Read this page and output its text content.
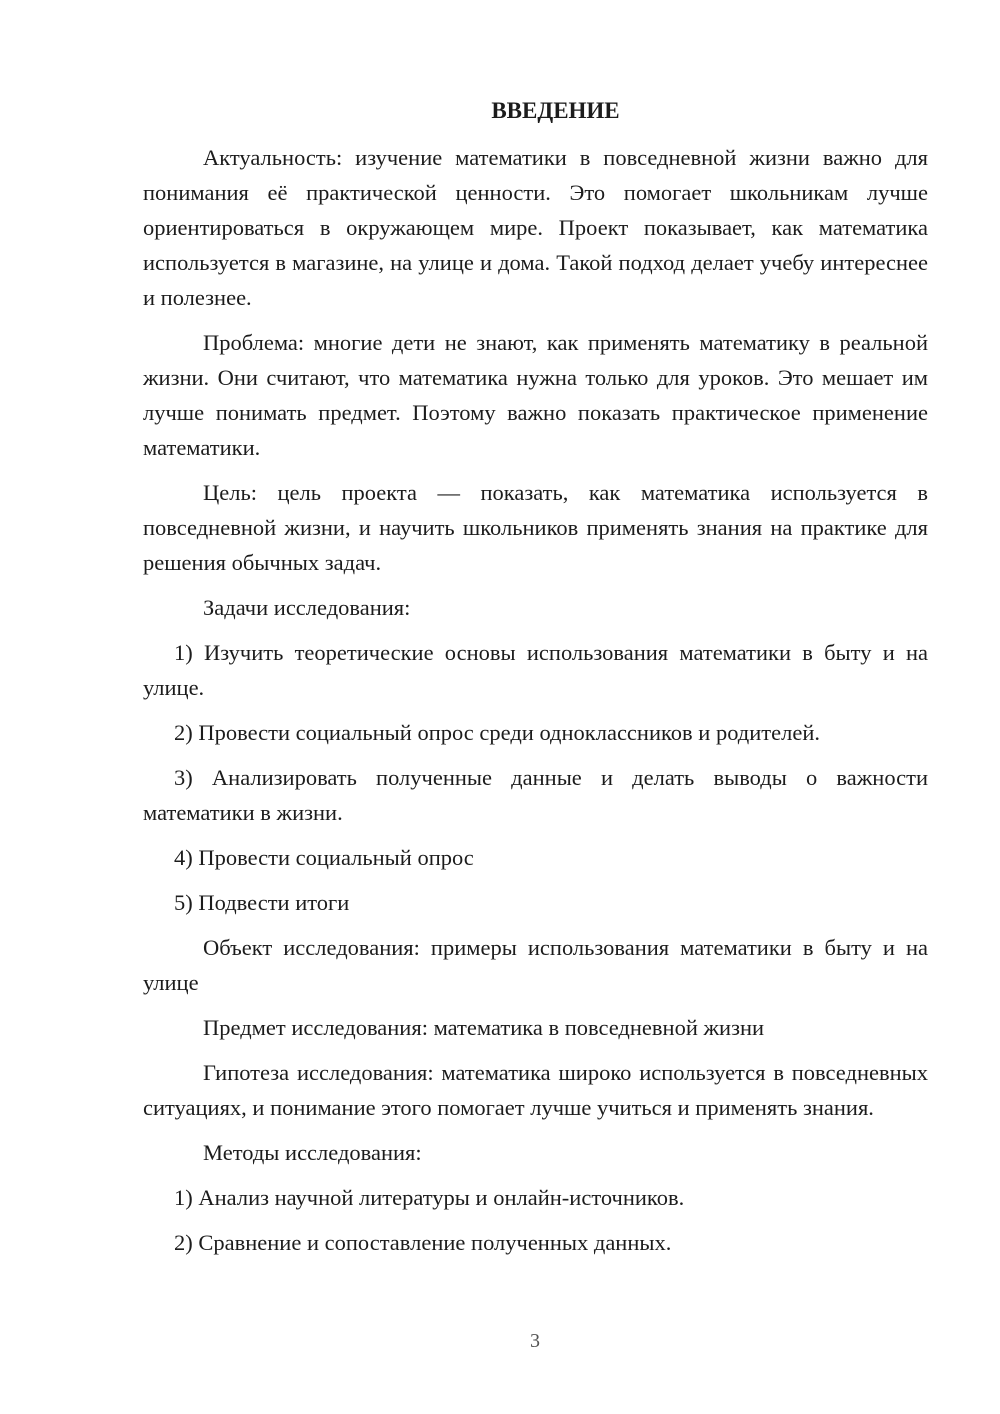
ВВЕДЕНИЕ

Актуальность: изучение математики в повседневной жизни важно для понимания её практической ценности. Это помогает школьникам лучше ориентироваться в окружающем мире. Проект показывает, как математика используется в магазине, на улице и дома. Такой подход делает учебу интереснее и полезнее.

Проблема: многие дети не знают, как применять математику в реальной жизни. Они считают, что математика нужна только для уроков. Это мешает им лучше понимать предмет. Поэтому важно показать практическое применение математики.

Цель: цель проекта — показать, как математика используется в повседневной жизни, и научить школьников применять знания на практике для решения обычных задач.

Задачи исследования:

1) Изучить теоретические основы использования математики в быту и на улице.

2) Провести социальный опрос среди одноклассников и родителей.

3) Анализировать полученные данные и делать выводы о важности математики в жизни.

4) Провести социальный опрос

5) Подвести итоги

Объект исследования: примеры использования математики в быту и на улице

Предмет исследования: математика в повседневной жизни

Гипотеза исследования: математика широко используется в повседневных ситуациях, и понимание этого помогает лучше учиться и применять знания.

Методы исследования:

1) Анализ научной литературы и онлайн-источников.

2) Сравнение и сопоставление полученных данных.

3
